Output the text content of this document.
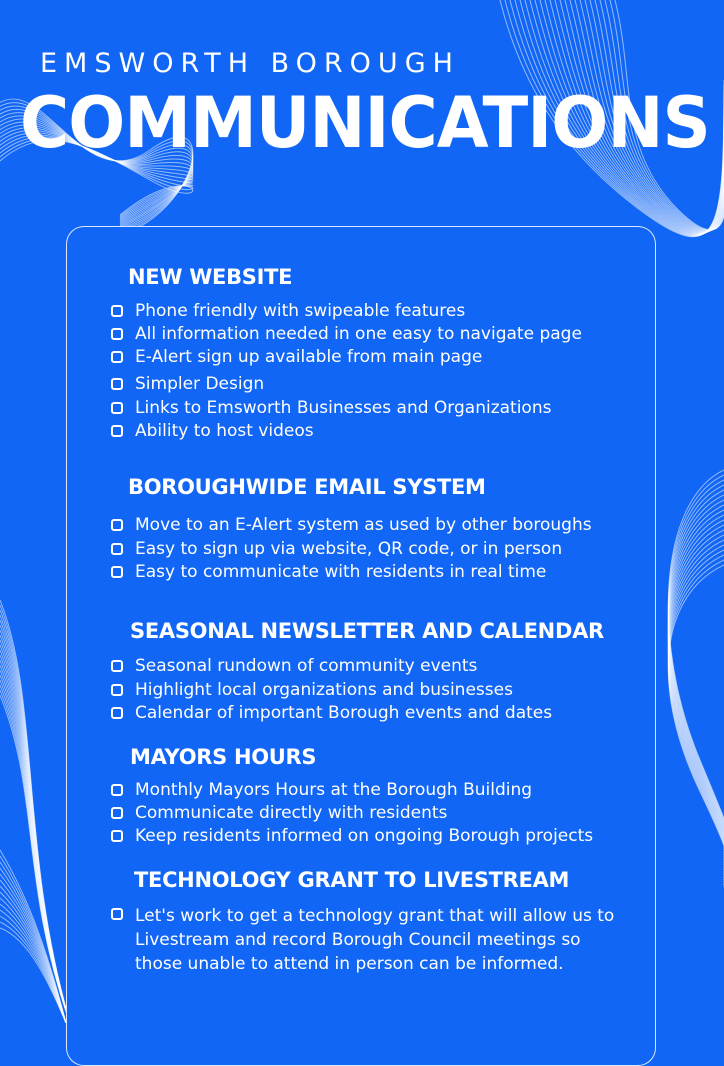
EMSWORTH BOROUGH
COMMUNICATIONS
NEW WEBSITE
Phone friendly with swipeable features
All information needed in one easy to navigate page
E-Alert sign up available from main page
Simpler Design
Links to Emsworth Businesses and Organizations
Ability to host videos
BOROUGHWIDE EMAIL SYSTEM
Move to an E-Alert system as used by other boroughs
Easy to sign up via website, QR code, or in person
Easy to communicate with residents in real time
SEASONAL NEWSLETTER AND CALENDAR
Seasonal rundown of community events
Highlight local organizations and businesses
Calendar of important Borough events and dates
MAYORS HOURS
Monthly Mayors Hours at the Borough Building
Communicate directly with residents
Keep residents informed on ongoing Borough projects
TECHNOLOGY GRANT TO LIVESTREAM
Let's work to get a technology grant that will allow us to Livestream and record Borough Council meetings so those unable to attend in person can be informed.
